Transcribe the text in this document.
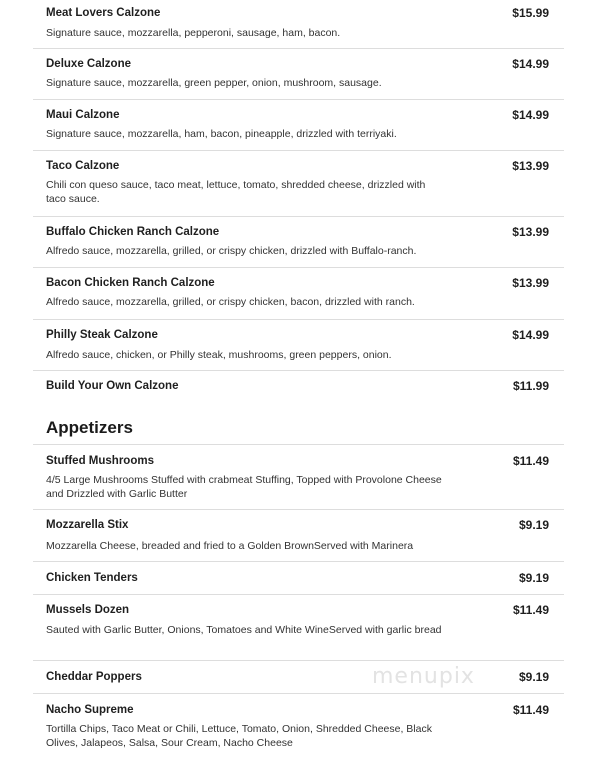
Meat Lovers Calzone	$15.99
Signature sauce, mozzarella, pepperoni, sausage, ham, bacon.
Deluxe Calzone	$14.99
Signature sauce, mozzarella, green pepper, onion, mushroom, sausage.
Maui Calzone	$14.99
Signature sauce, mozzarella, ham, bacon, pineapple, drizzled with terriyaki.
Taco Calzone	$13.99
Chili con queso sauce, taco meat, lettuce, tomato, shredded cheese, drizzled with taco sauce.
Buffalo Chicken Ranch Calzone	$13.99
Alfredo sauce, mozzarella, grilled, or crispy chicken, drizzled with Buffalo-ranch.
Bacon Chicken Ranch Calzone	$13.99
Alfredo sauce, mozzarella, grilled, or crispy chicken, bacon, drizzled with ranch.
Philly Steak Calzone	$14.99
Alfredo sauce, chicken, or Philly steak, mushrooms, green peppers, onion.
Build Your Own Calzone	$11.99
Appetizers
Stuffed Mushrooms	$11.49
4/5 Large Mushrooms Stuffed with crabmeat Stuffing, Topped with Provolone Cheese and Drizzled with Garlic Butter
Mozzarella Stix	$9.19
Mozzarella Cheese, breaded and fried to a Golden BrownServed with Marinera
Chicken Tenders	$9.19
Mussels Dozen	$11.49
Sauted with Garlic Butter, Onions, Tomatoes and White WineServed with garlic bread
Cheddar Poppers	$9.19
Nacho Supreme	$11.49
Tortilla Chips, Taco Meat or Chili, Lettuce, Tomato, Onion, Shredded Cheese, Black Olives, Jalapeos, Salsa, Sour Cream, Nacho Cheese
menupix
